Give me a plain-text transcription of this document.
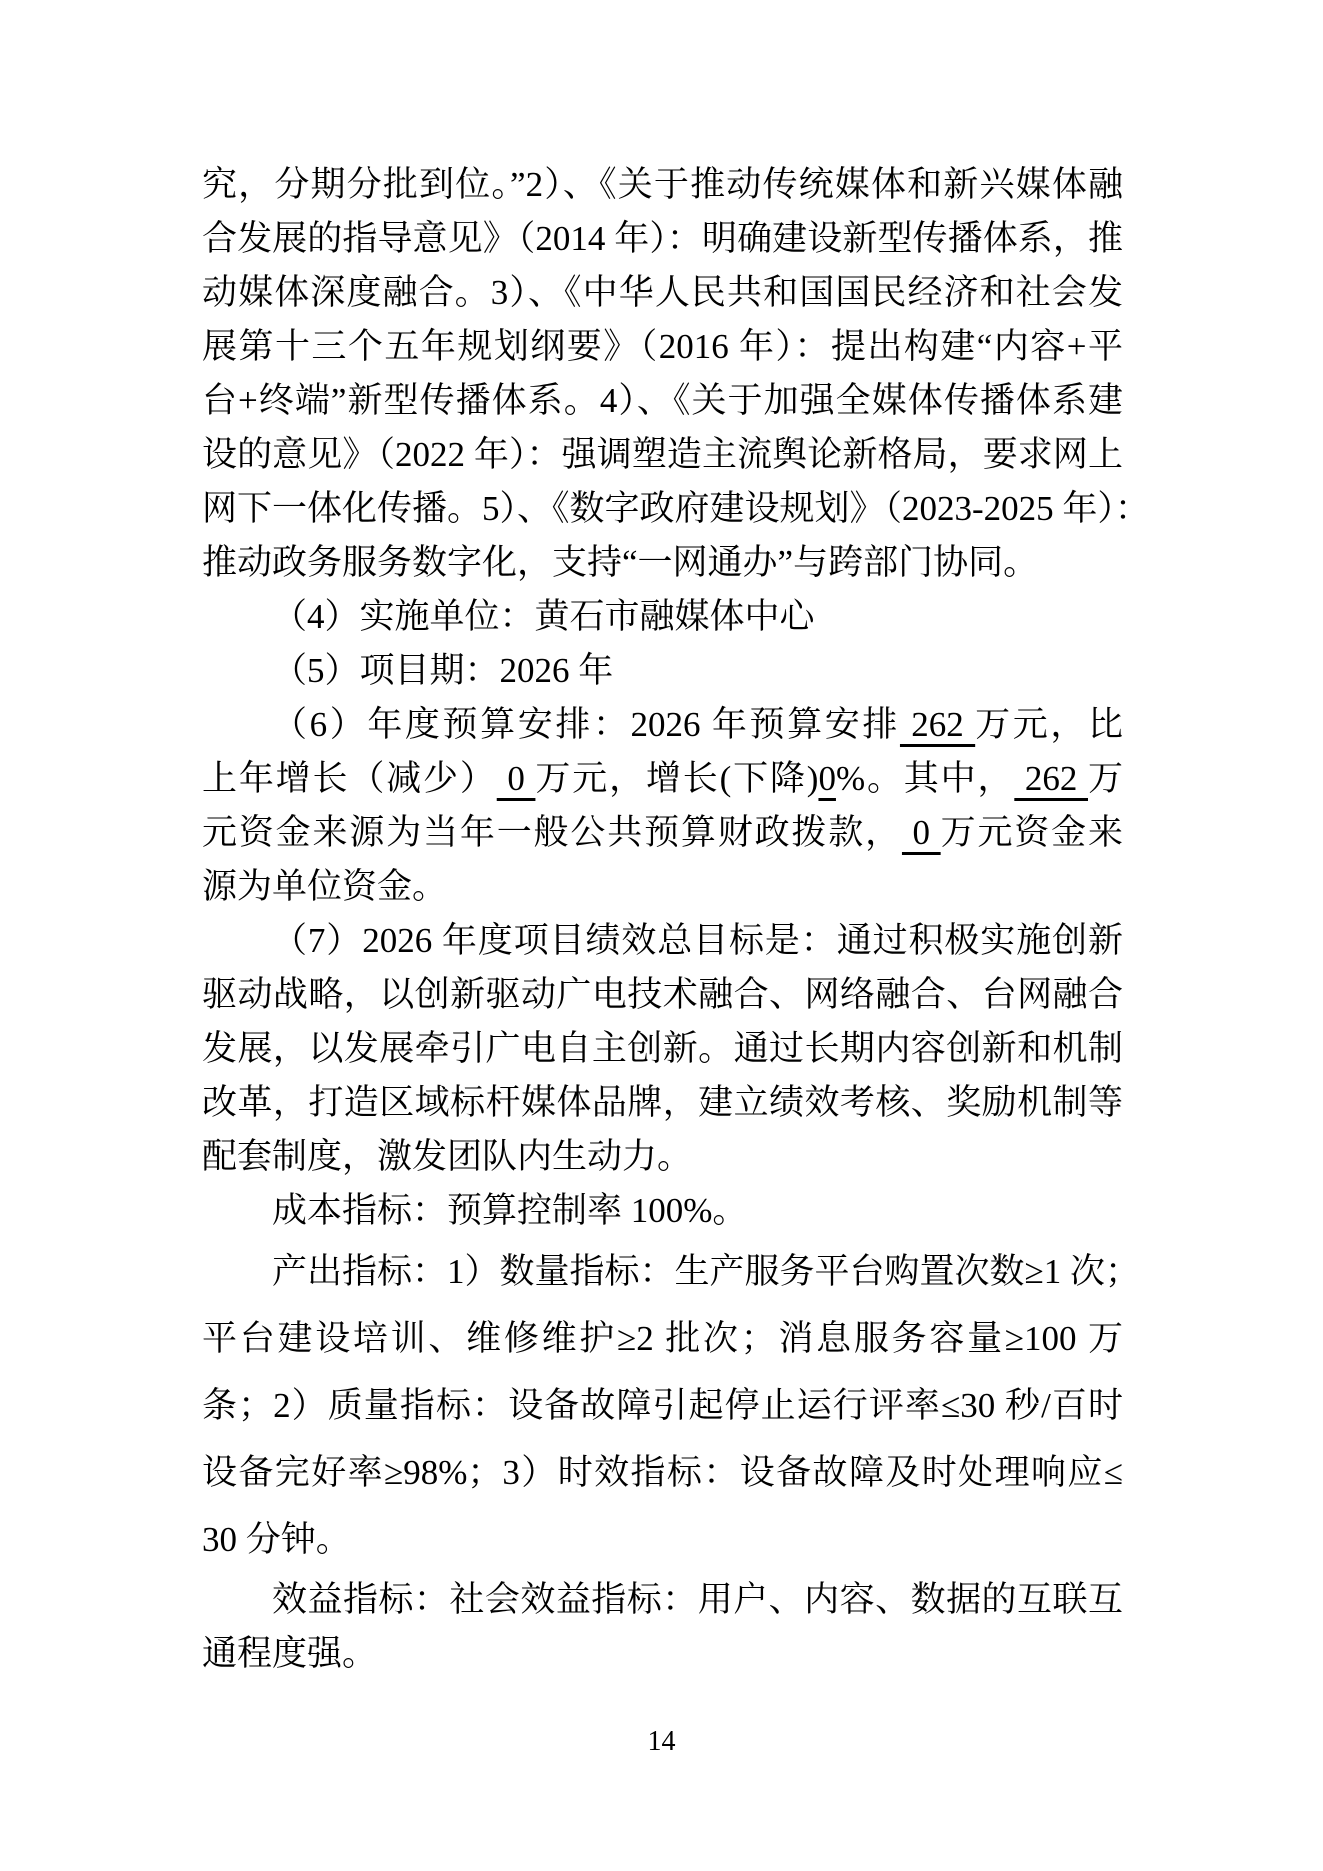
究，分期分批到位。”2）、《关于推动传统媒体和新兴媒体融
合发展的指导意见》（2014 年）：明确建设新型传播体系，推
动媒体深度融合。3）、《中华人民共和国国民经济和社会发
展第十三个五年规划纲要》（2016 年）：提出构建“内容+平
台+终端”新型传播体系。4）、《关于加强全媒体传播体系建
设的意见》（2022 年）：强调塑造主流舆论新格局，要求网上
网下一体化传播。5）、《数字政府建设规划》（2023-2025 年）：
推动政务服务数字化，支持“一网通办”与跨部门协同。
（4）实施单位：黄石市融媒体中心
（5）项目期：2026 年
（6）年度预算安排：2026 年预算安排 262 万元，比
上年增长（减少） 0 万元，增长(下降)0%。其中， 262 万
元资金来源为当年一般公共预算财政拨款， 0 万元资金来
源为单位资金。
（7）2026 年度项目绩效总目标是：通过积极实施创新
驱动战略，以创新驱动广电技术融合、网络融合、台网融合
发展，以发展牵引广电自主创新。通过长期内容创新和机制
改革，打造区域标杆媒体品牌，建立绩效考核、奖励机制等
配套制度，激发团队内生动力。
成本指标：预算控制率 100%。
产出指标：1）数量指标：生产服务平台购置次数≥1 次；
平台建设培训、维修维护≥2 批次；消息服务容量≥100 万
条；2）质量指标：设备故障引起停止运行评率≤30 秒/百时
设备完好率≥98%；3）时效指标：设备故障及时处理响应≤
30 分钟。
效益指标：社会效益指标：用户、内容、数据的互联互
通程度强。
14
